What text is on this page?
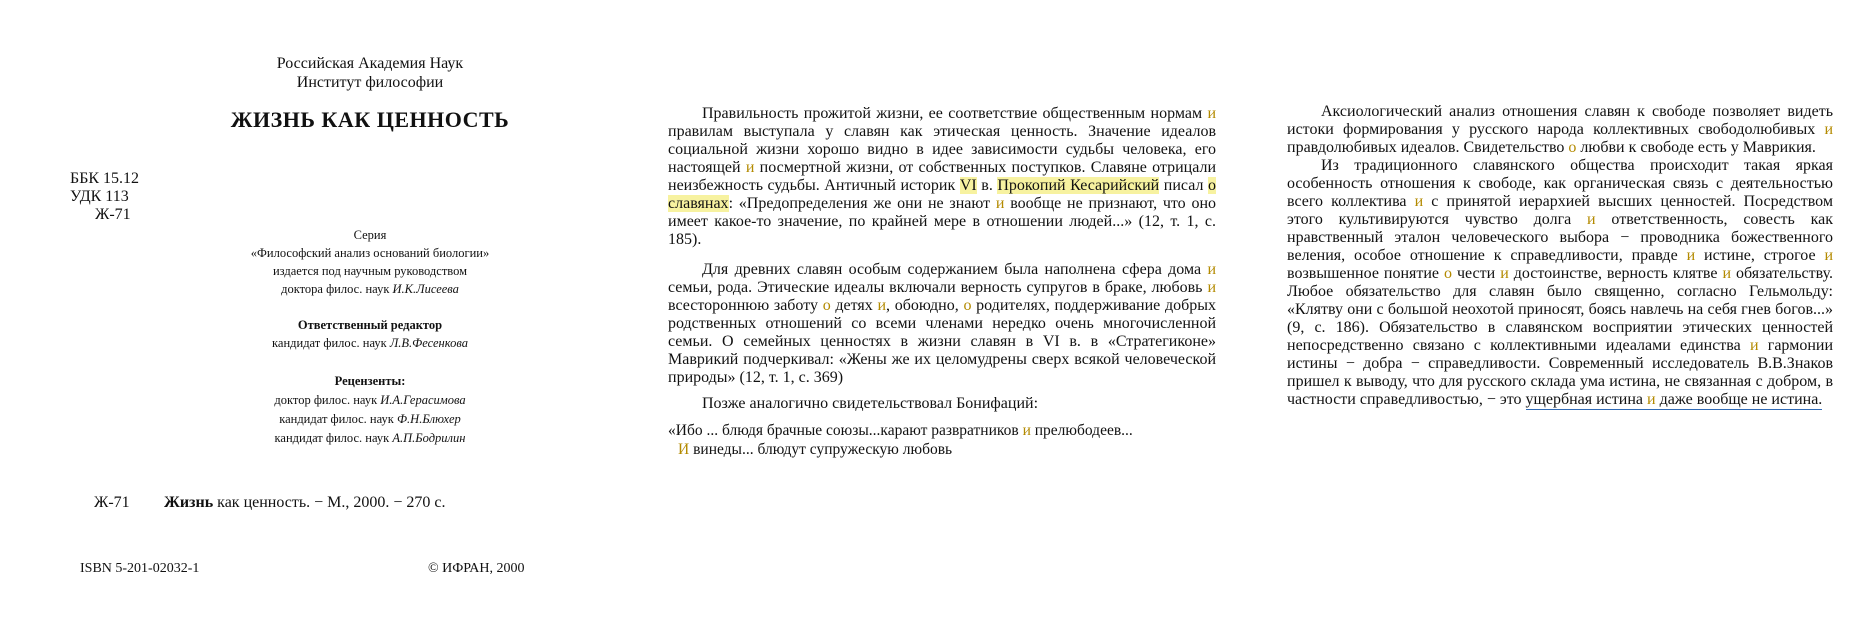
Российская Академия Наук
Институт философии
ЖИЗНЬ КАК ЦЕННОСТЬ
ББК 15.12
УДК 113
Ж-71
Серия
«Философский анализ оснований биологии»
издается под научным руководством
доктора филос. наук И.К.Лисеева
Ответственный редактор
кандидат филос. наук Л.В.Фесенкова
Рецензенты:
доктор филос. наук И.А.Герасимова
кандидат филос. наук Ф.Н.Блюхер
кандидат филос. наук А.П.Бодрилин
Ж-71 Жизнь как ценность. − М., 2000. − 270 с.
ISBN 5-201-02032-1	© ИФРАН, 2000

Правильность прожитой жизни, ее соответствие общественным нормам и правилам выступала у славян как этическая ценность. Значение идеалов социальной жизни хорошо видно в идее зависимости судьбы человека, его настоящей и посмертной жизни, от собственных поступков. Славяне отрицали неизбежность судьбы. Античный историк VI в. Прокопий Кесарийский писал о славянах: «Предопределения же они не знают и вообще не признают, что оно имеет какое-то значение, по крайней мере в отношении людей...» (12, т. 1, с. 185).

Для древних славян особым содержанием была наполнена сфера дома и семьи, рода. Этические идеалы включали верность супругов в браке, любовь и всестороннюю заботу о детях и, обоюдно, о родителях, поддерживание добрых родственных отношений со всеми членами нередко очень многочисленной семьи. О семейных ценностях в жизни славян в VI в. в «Стратегиконе» Маврикий подчеркивал: «Жены же их целомудрены сверх всякой человеческой природы» (12, т. 1, с. 369)

Позже аналогично свидетельствовал Бонифаций:

«Ибо ... блюдя брачные союзы...карают развратников и прелюбодеев...
И винеды... блюдут супружескую любовь

Аксиологический анализ отношения славян к свободе позволяет видеть истоки формирования у русского народа коллективных свободолюбивых и правдолюбивых идеалов. Свидетельство о любви к свободе есть у Маврикия.

Из традиционного славянского общества происходит такая яркая особенность отношения к свободе, как органическая связь с деятельностью всего коллектива и с принятой иерархией высших ценностей. Посредством этого культивируются чувство долга и ответственность, совесть как нравственный эталон человеческого выбора − проводника божественного веления, особое отношение к справедливости, правде и истине, строгое и возвышенное понятие о чести и достоинстве, верность клятве и обязательству. Любое обязательство для славян было священно, согласно Гельмольду: «Клятву они с большой неохотой приносят, боясь навлечь на себя гнев богов...» (9, с. 186). Обязательство в славянском восприятии этических ценностей непосредственно связано с коллективными идеалами единства и гармонии истины − добра − справедливости. Современный исследователь В.В.Знаков пришел к выводу, что для русского склада ума истина, не связанная с добром, в частности справедливостью, − это ущербная истина и даже вообще не истина.
